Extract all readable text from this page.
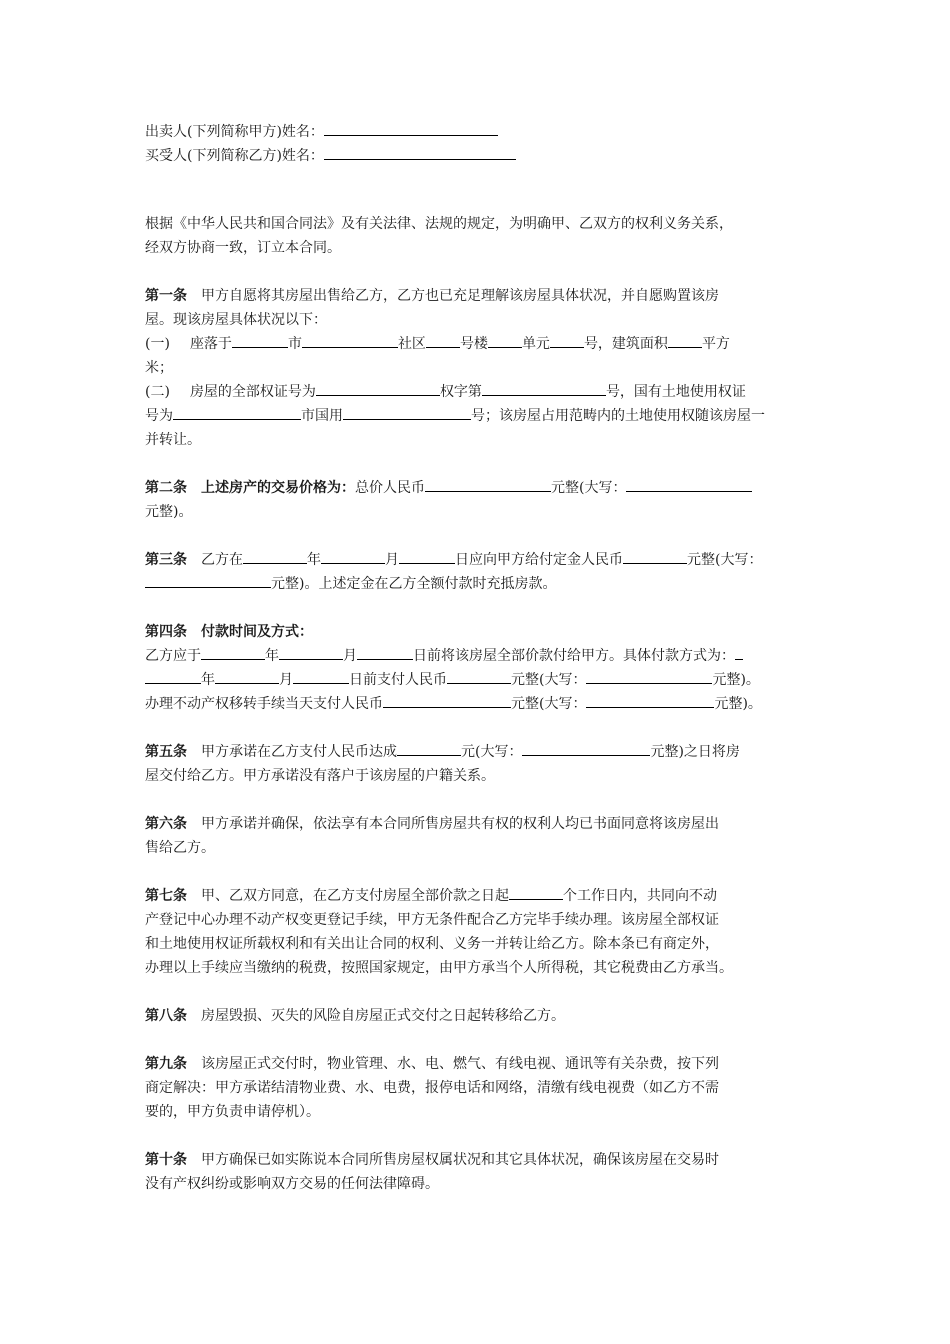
出卖人(下列简称甲方)姓名：
买受人(下列简称乙方)姓名：
根据《中华人民共和国合同法》及有关法律、法规的规定，为明确甲、乙双方的权利义务关系，
经双方协商一致，订立本合同。
第一条 甲方自愿将其房屋出售给乙方，乙方也已充足理解该房屋具体状况，并自愿购置该房
屋。现该房屋具体状况以下：
(一) 座落于	市	社区 号楼 单元 号，建筑面积 平方
米；
(二) 房屋的全部权证号为	权字第	号，国有土地使用权证
号为	市国用	号；该房屋占用范畴内的土地使用权随该房屋一
并转让。
第二条 上述房产的交易价格为：总价人民币	元整(大写：
元整)。
第三条 乙方在	年	月	日应向甲方给付定金人民币	元整(大写：
元整)。上述定金在乙方全额付款时充抵房款。
第四条 付款时间及方式：
乙方应于	年	月	日前将该房屋全部价款付给甲方。具体付款方式为：
年	月	日前支付人民币	元整(大写：	元整)。
办理不动产权移转手续当天支付人民币	元整(大写：	元整)。
第五条 甲方承诺在乙方支付人民币达成	元(大写：	元整)之日将房
屋交付给乙方。甲方承诺没有落户于该房屋的户籍关系。
第六条 甲方承诺并确保，依法享有本合同所售房屋共有权的权利人均已书面同意将该房屋出
售给乙方。
第七条 甲、乙双方同意，在乙方支付房屋全部价款之日起	个工作日内，共同向不动
产登记中心办理不动产权变更登记手续，甲方无条件配合乙方完毕手续办理。该房屋全部权证
和土地使用权证所载权利和有关出让合同的权利、义务一并转让给乙方。除本条已有商定外，
办理以上手续应当缴纳的税费，按照国家规定，由甲方承当个人所得税，其它税费由乙方承当。
第八条 房屋毁损、灭失的风险自房屋正式交付之日起转移给乙方。
第九条 该房屋正式交付时，物业管理、水、电、燃气、有线电视、通讯等有关杂费，按下列
商定解决：甲方承诺结清物业费、水、电费，报停电话和网络，清缴有线电视费（如乙方不需
要的，甲方负责申请停机）。
第十条 甲方确保已如实陈说本合同所售房屋权属状况和其它具体状况，确保该房屋在交易时
没有产权纠纷或影响双方交易的任何法律障碍。
